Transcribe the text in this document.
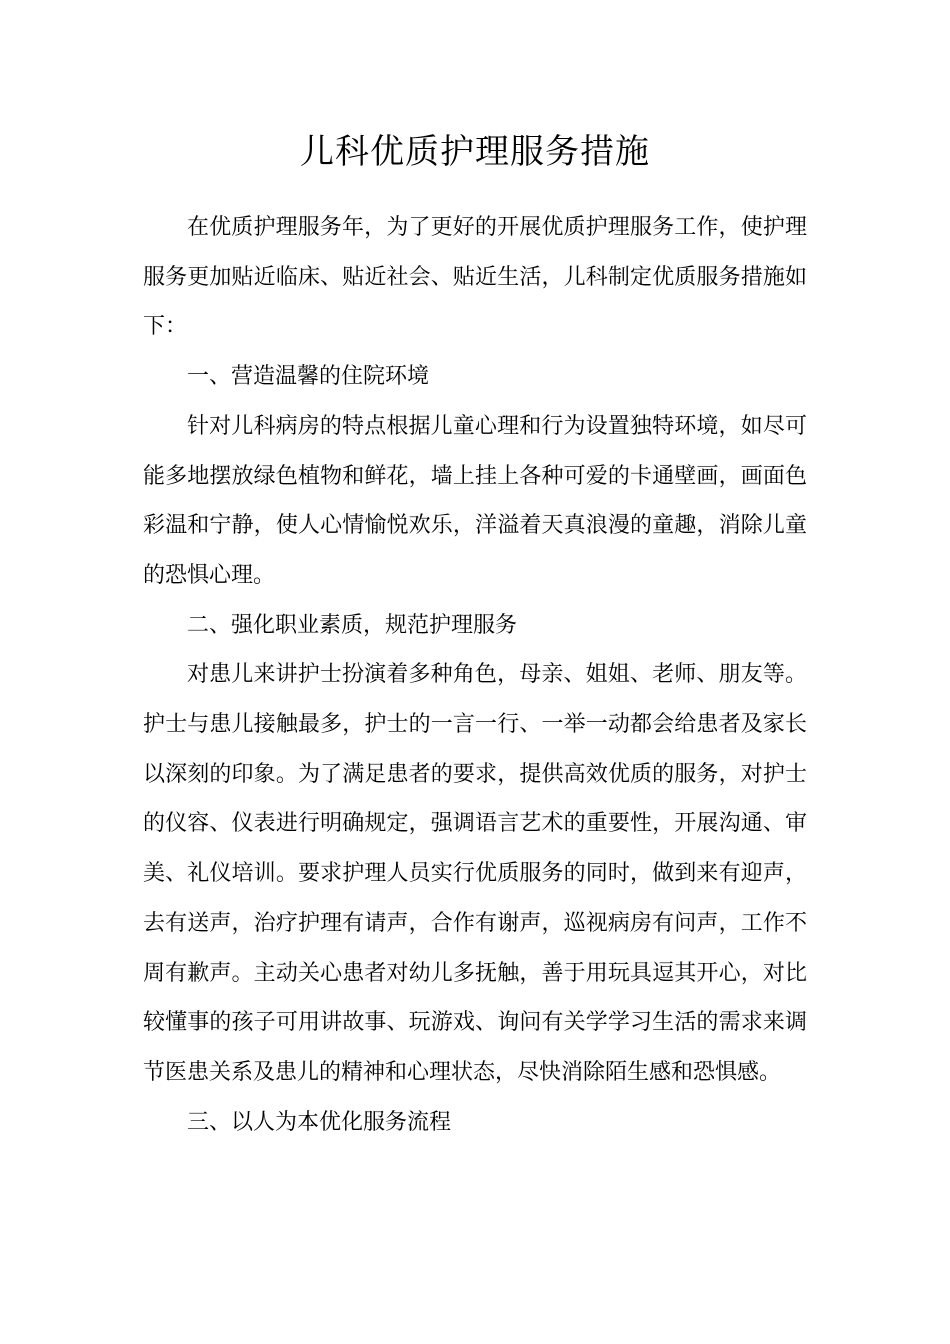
儿科优质护理服务措施

在优质护理服务年，为了更好的开展优质护理服务工作，使护理服务更加贴近临床、贴近社会、贴近生活，儿科制定优质服务措施如下：

一、营造温馨的住院环境

针对儿科病房的特点根据儿童心理和行为设置独特环境，如尽可能多地摆放绿色植物和鲜花，墙上挂上各种可爱的卡通壁画，画面色彩温和宁静，使人心情愉悦欢乐，洋溢着天真浪漫的童趣，消除儿童的恐惧心理。

二、强化职业素质，规范护理服务

对患儿来讲护士扮演着多种角色，母亲、姐姐、老师、朋友等。护士与患儿接触最多，护士的一言一行、一举一动都会给患者及家长以深刻的印象。为了满足患者的要求，提供高效优质的服务，对护士的仪容、仪表进行明确规定，强调语言艺术的重要性，开展沟通、审美、礼仪培训。要求护理人员实行优质服务的同时，做到来有迎声，去有送声，治疗护理有请声，合作有谢声，巡视病房有问声，工作不周有歉声。主动关心患者对幼儿多抚触，善于用玩具逗其开心，对比较懂事的孩子可用讲故事、玩游戏、询问有关学学习生活的需求来调节医患关系及患儿的精神和心理状态，尽快消除陌生感和恐惧感。

三、以人为本优化服务流程
